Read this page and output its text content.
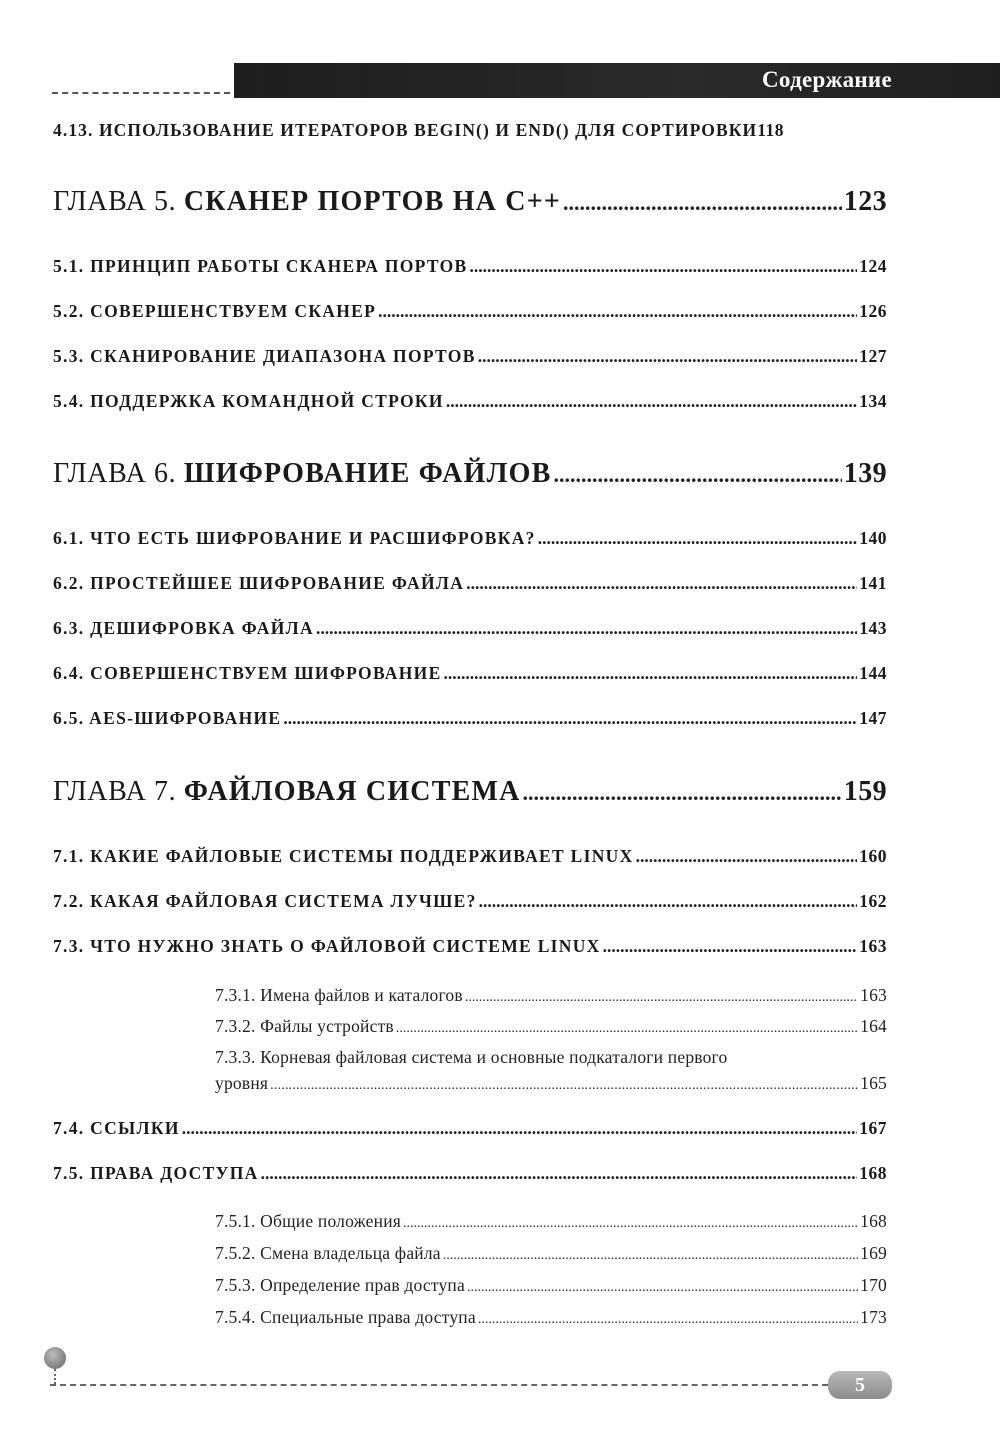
Содержание
4.13. ИСПОЛЬЗОВАНИЕ ИТЕРАТОРОВ BEGIN() И END() ДЛЯ СОРТИРОВКИ 118
ГЛАВА 5. СКАНЕР ПОРТОВ НА С++ .....	123
5.1. ПРИНЦИП РАБОТЫ СКАНЕРА ПОРТОВ .....	124
5.2. СОВЕРШЕНСТВУЕМ СКАНЕР .....	126
5.3. СКАНИРОВАНИЕ ДИАПАЗОНА ПОРТОВ .....	127
5.4. ПОДДЕРЖКА КОМАНДНОЙ СТРОКИ .....	134
ГЛАВА 6. ШИФРОВАНИЕ ФАЙЛОВ .....	139
6.1. ЧТО ЕСТЬ ШИФРОВАНИЕ И РАСШИФРОВКА? .....	140
6.2. ПРОСТЕЙШЕЕ ШИФРОВАНИЕ ФАЙЛА .....	141
6.3. ДЕШИФРОВКА ФАЙЛА .....	143
6.4. СОВЕРШЕНСТВУЕМ ШИФРОВАНИЕ .....	144
6.5. AES-ШИФРОВАНИЕ .....	147
ГЛАВА 7. ФАЙЛОВАЯ СИСТЕМА .....	159
7.1. КАКИЕ ФАЙЛОВЫЕ СИСТЕМЫ ПОДДЕРЖИВАЕТ LINUX .....	160
7.2. КАКАЯ ФАЙЛОВАЯ СИСТЕМА ЛУЧШЕ? .....	162
7.3. ЧТО НУЖНО ЗНАТЬ О ФАЙЛОВОЙ СИСТЕМЕ LINUX .....	163
7.3.1. Имена файлов и каталогов .....	163
7.3.2. Файлы устройств .....	164
7.3.3. Корневая файловая система и основные подкаталоги первого
уровня .....	165
7.4. ССЫЛКИ .....	167
7.5. ПРАВА ДОСТУПА .....	168
7.5.1. Общие положения .....	168
7.5.2. Смена владельца файла .....	169
7.5.3. Определение прав доступа .....	170
7.5.4. Специальные права доступа .....	173
5
